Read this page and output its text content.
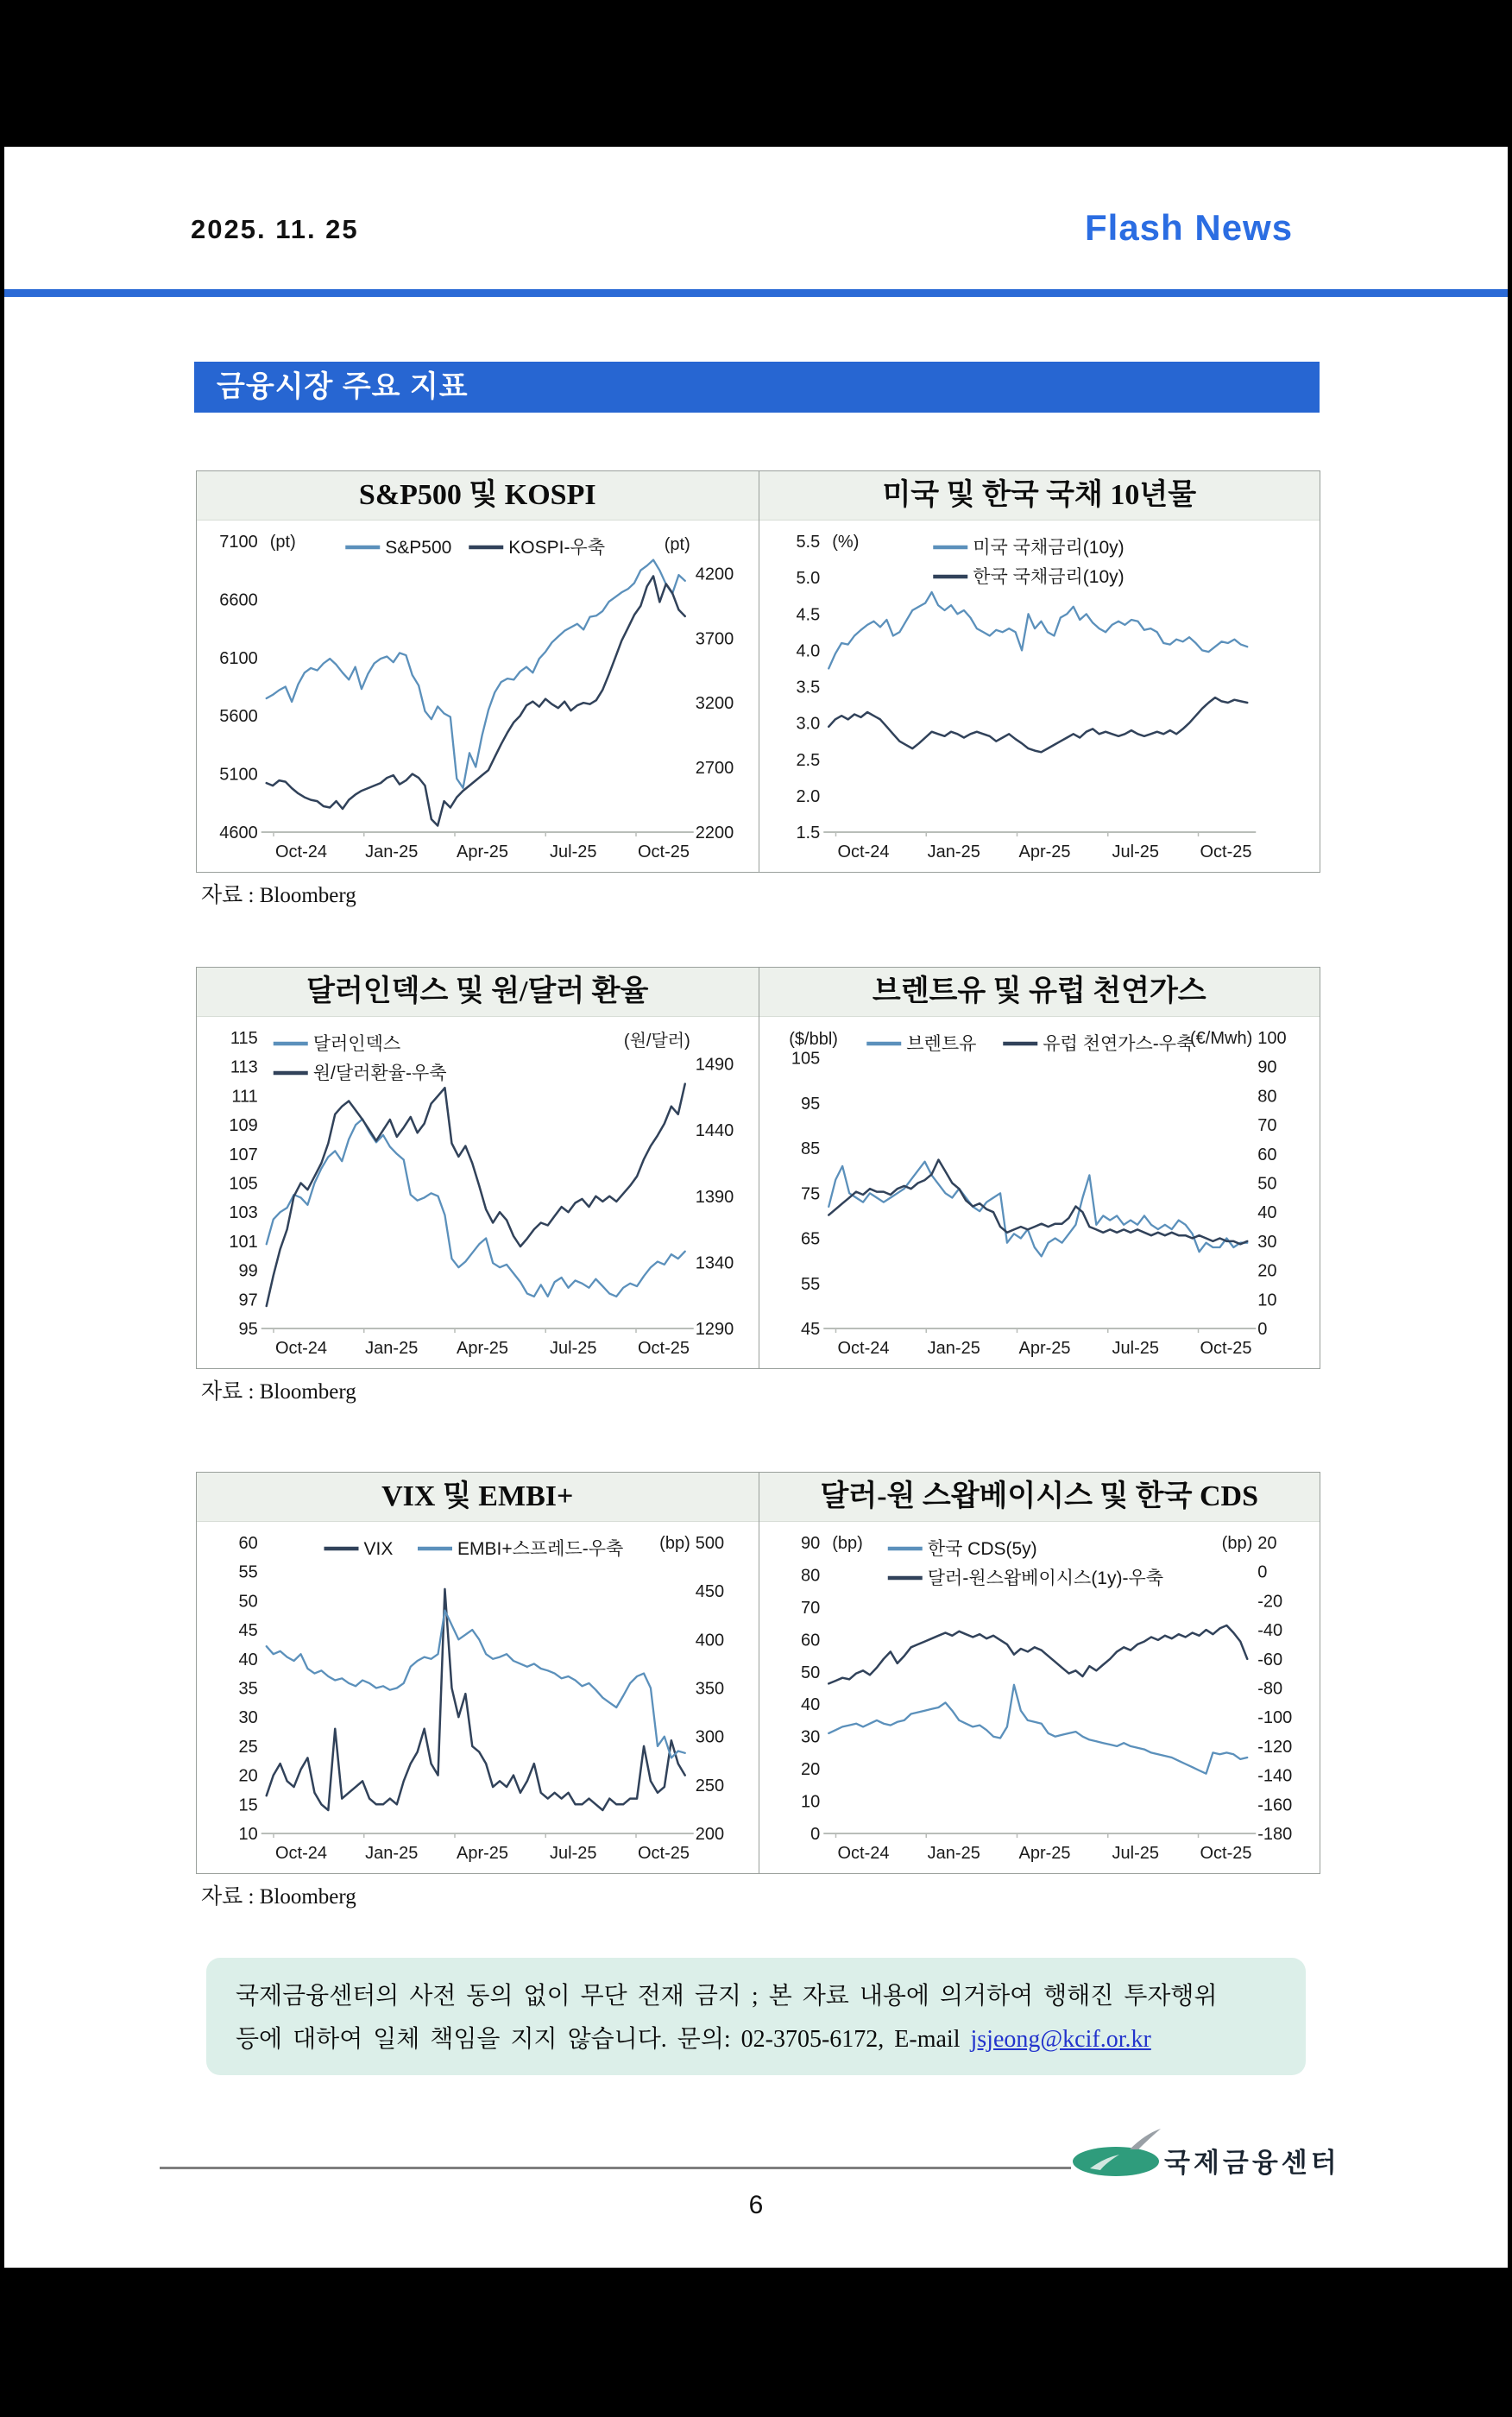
2025. 11. 25	Flash News
금융시장 주요 지표
S&P500 및 KOSPI
Oct-24 Jan-25 Apr-25 Jul-25 Oct-25
7100 (pt)
6600
6100
5600
5100
4600
4200
3700
3200
2700
2200
(pt)
S&P500	KOSPI-우축
미국 및 한국 국채 10년물
Oct-24 Jan-25 Apr-25 Jul-25 Oct-25
5.5 (%)
5.0
4.5
4.0
3.5
3.0
2.5
2.0
1.5
미국 국채금리(10y)
한국 국채금리(10y)
자료 : Bloomberg
달러인덱스 및 원/달러 환율
Oct-24 Jan-25 Apr-25 Jul-25 Oct-25
115
113
111
109
107
105
103
101
99
97
95
1490
1440
1390
1340
1290
(원/달러)
달러인덱스
원/달러환율-우축
브렌트유 및 유럽 천연가스
Oct-24 Jan-25 Apr-25 Jul-25 Oct-25
105
95
85
75
65
55
45
($/bbl)	100
(€/Mwh)
90
80
70
60
50
40
30
20
10
0
브렌트유	유럽 천연가스-우축
자료 : Bloomberg
VIX 및 EMBI+
Oct-24 Jan-25 Apr-25 Jul-25 Oct-25
60
55
50
45
40
35
30
25
20
15
10
500
(bp)
450
400
350
300
250
200
VIX	EMBI+스프레드-우축
달러-원 스왑베이시스 및 한국 CDS
Oct-24 Jan-25 Apr-25 Jul-25 Oct-25
90 (bp)
80
70
60
50
40
30
20
10
0
20
(bp)
0
-20
-40
-60
-80
-100
-120
-140
-160
-180
한국 CDS(5y)
달러-원스왑베이시스(1y)-우축
자료 : Bloomberg
국제금융센터의 사전 동의 없이 무단 전재 금지 ; 본 자료 내용에 의거하여 행해진 투자행위
등에 대하여 일체 책임을 지지 않습니다. 문의: 02-3705-6172, E-mail jsjeong@kcif.or.kr
국제금융센터
6
